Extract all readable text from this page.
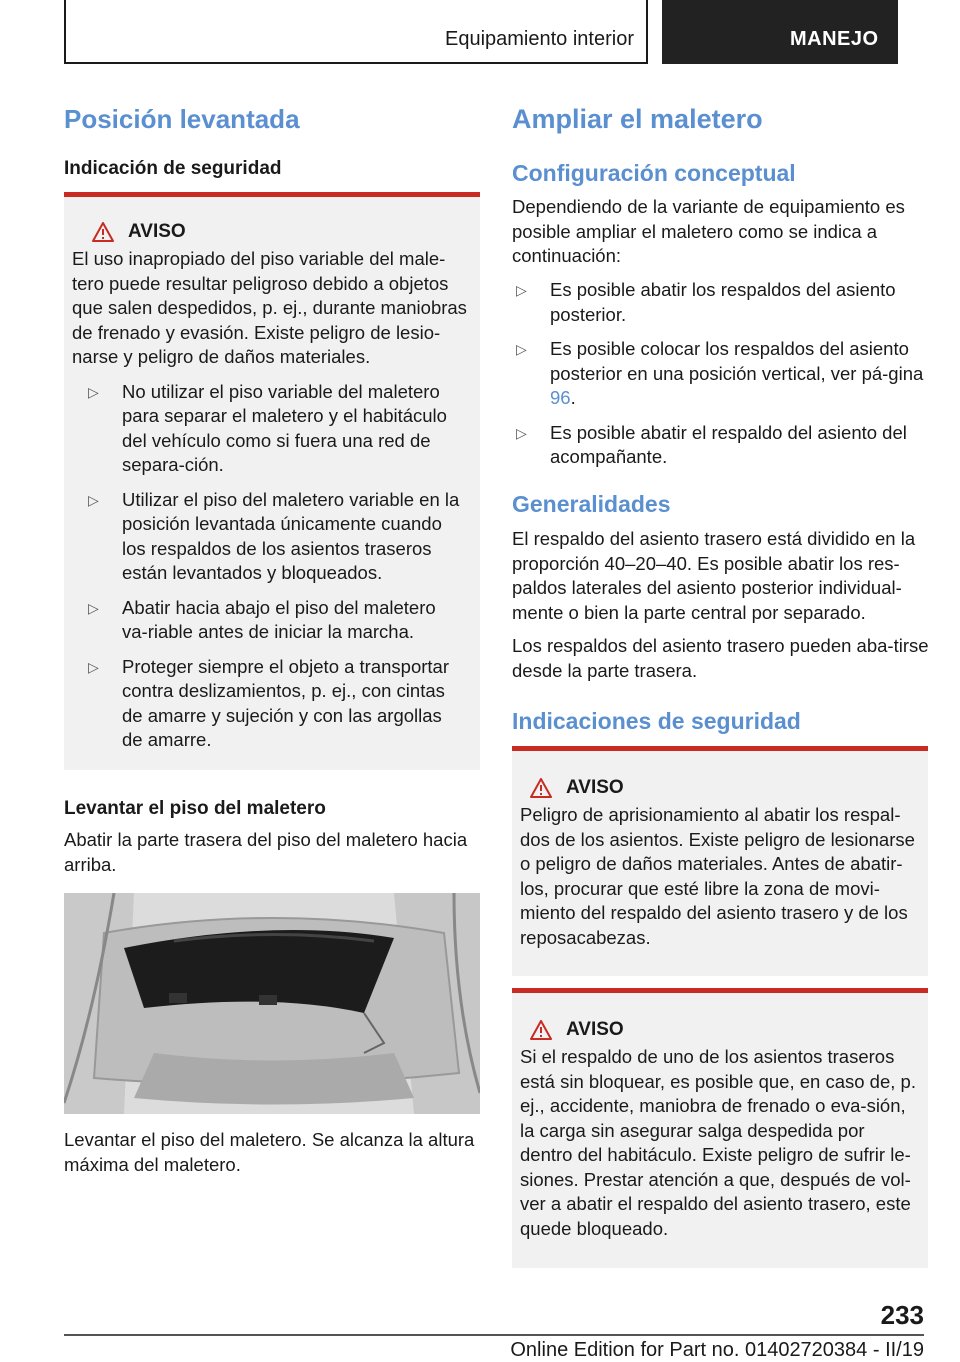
Equipamiento interior	MANEJO
Posición levantada
Indicación de seguridad
AVISO

El uso inapropiado del piso variable del male-tero puede resultar peligroso debido a objetos que salen despedidos, p. ej., durante maniobras de frenado y evasión. Existe peligro de lesio-narse y peligro de daños materiales.

▷ No utilizar el piso variable del maletero para separar el maletero y el habitáculo del vehículo como si fuera una red de separa-ción.
▷ Utilizar el piso del maletero variable en la posición levantada únicamente cuando los respaldos de los asientos traseros están levantados y bloqueados.
▷ Abatir hacia abajo el piso del maletero va-riable antes de iniciar la marcha.
▷ Proteger siempre el objeto a transportar contra deslizamientos, p. ej., con cintas de amarre y sujeción y con las argollas de amarre.
Levantar el piso del maletero

Abatir la parte trasera del piso del maletero hacia arriba.

Levantar el piso del maletero. Se alcanza la altura máxima del maletero.

Ampliar el maletero
Configuración conceptual

Dependiendo de la variante de equipamiento es posible ampliar el maletero como se indica a continuación:

▷ Es posible abatir los respaldos del asiento posterior.
▷ Es posible colocar los respaldos del asiento posterior en una posición vertical, ver pá-gina 96.
▷ Es posible abatir el respaldo del asiento del acompañante.
Generalidades

El respaldo del asiento trasero está dividido en la proporción 40–20–40. Es posible abatir los res-paldos laterales del asiento posterior individual-mente o bien la parte central por separado.

Los respaldos del asiento trasero pueden aba-tirse desde la parte trasera.

Indicaciones de seguridad
AVISO

Peligro de aprisionamiento al abatir los respal-dos de los asientos. Existe peligro de lesionarse o peligro de daños materiales. Antes de abatir-los, procurar que esté libre la zona de movi-miento del respaldo del asiento trasero y de los reposacabezas.

AVISO

Si el respaldo de uno de los asientos traseros está sin bloquear, es posible que, en caso de, p. ej., accidente, maniobra de frenado o eva-sión, la carga sin asegurar salga despedida por dentro del habitáculo. Existe peligro de sufrir le-siones. Prestar atención a que, después de vol-ver a abatir el respaldo del asiento trasero, este quede bloqueado.

233
Online Edition for Part no. 01402720384 - II/19
